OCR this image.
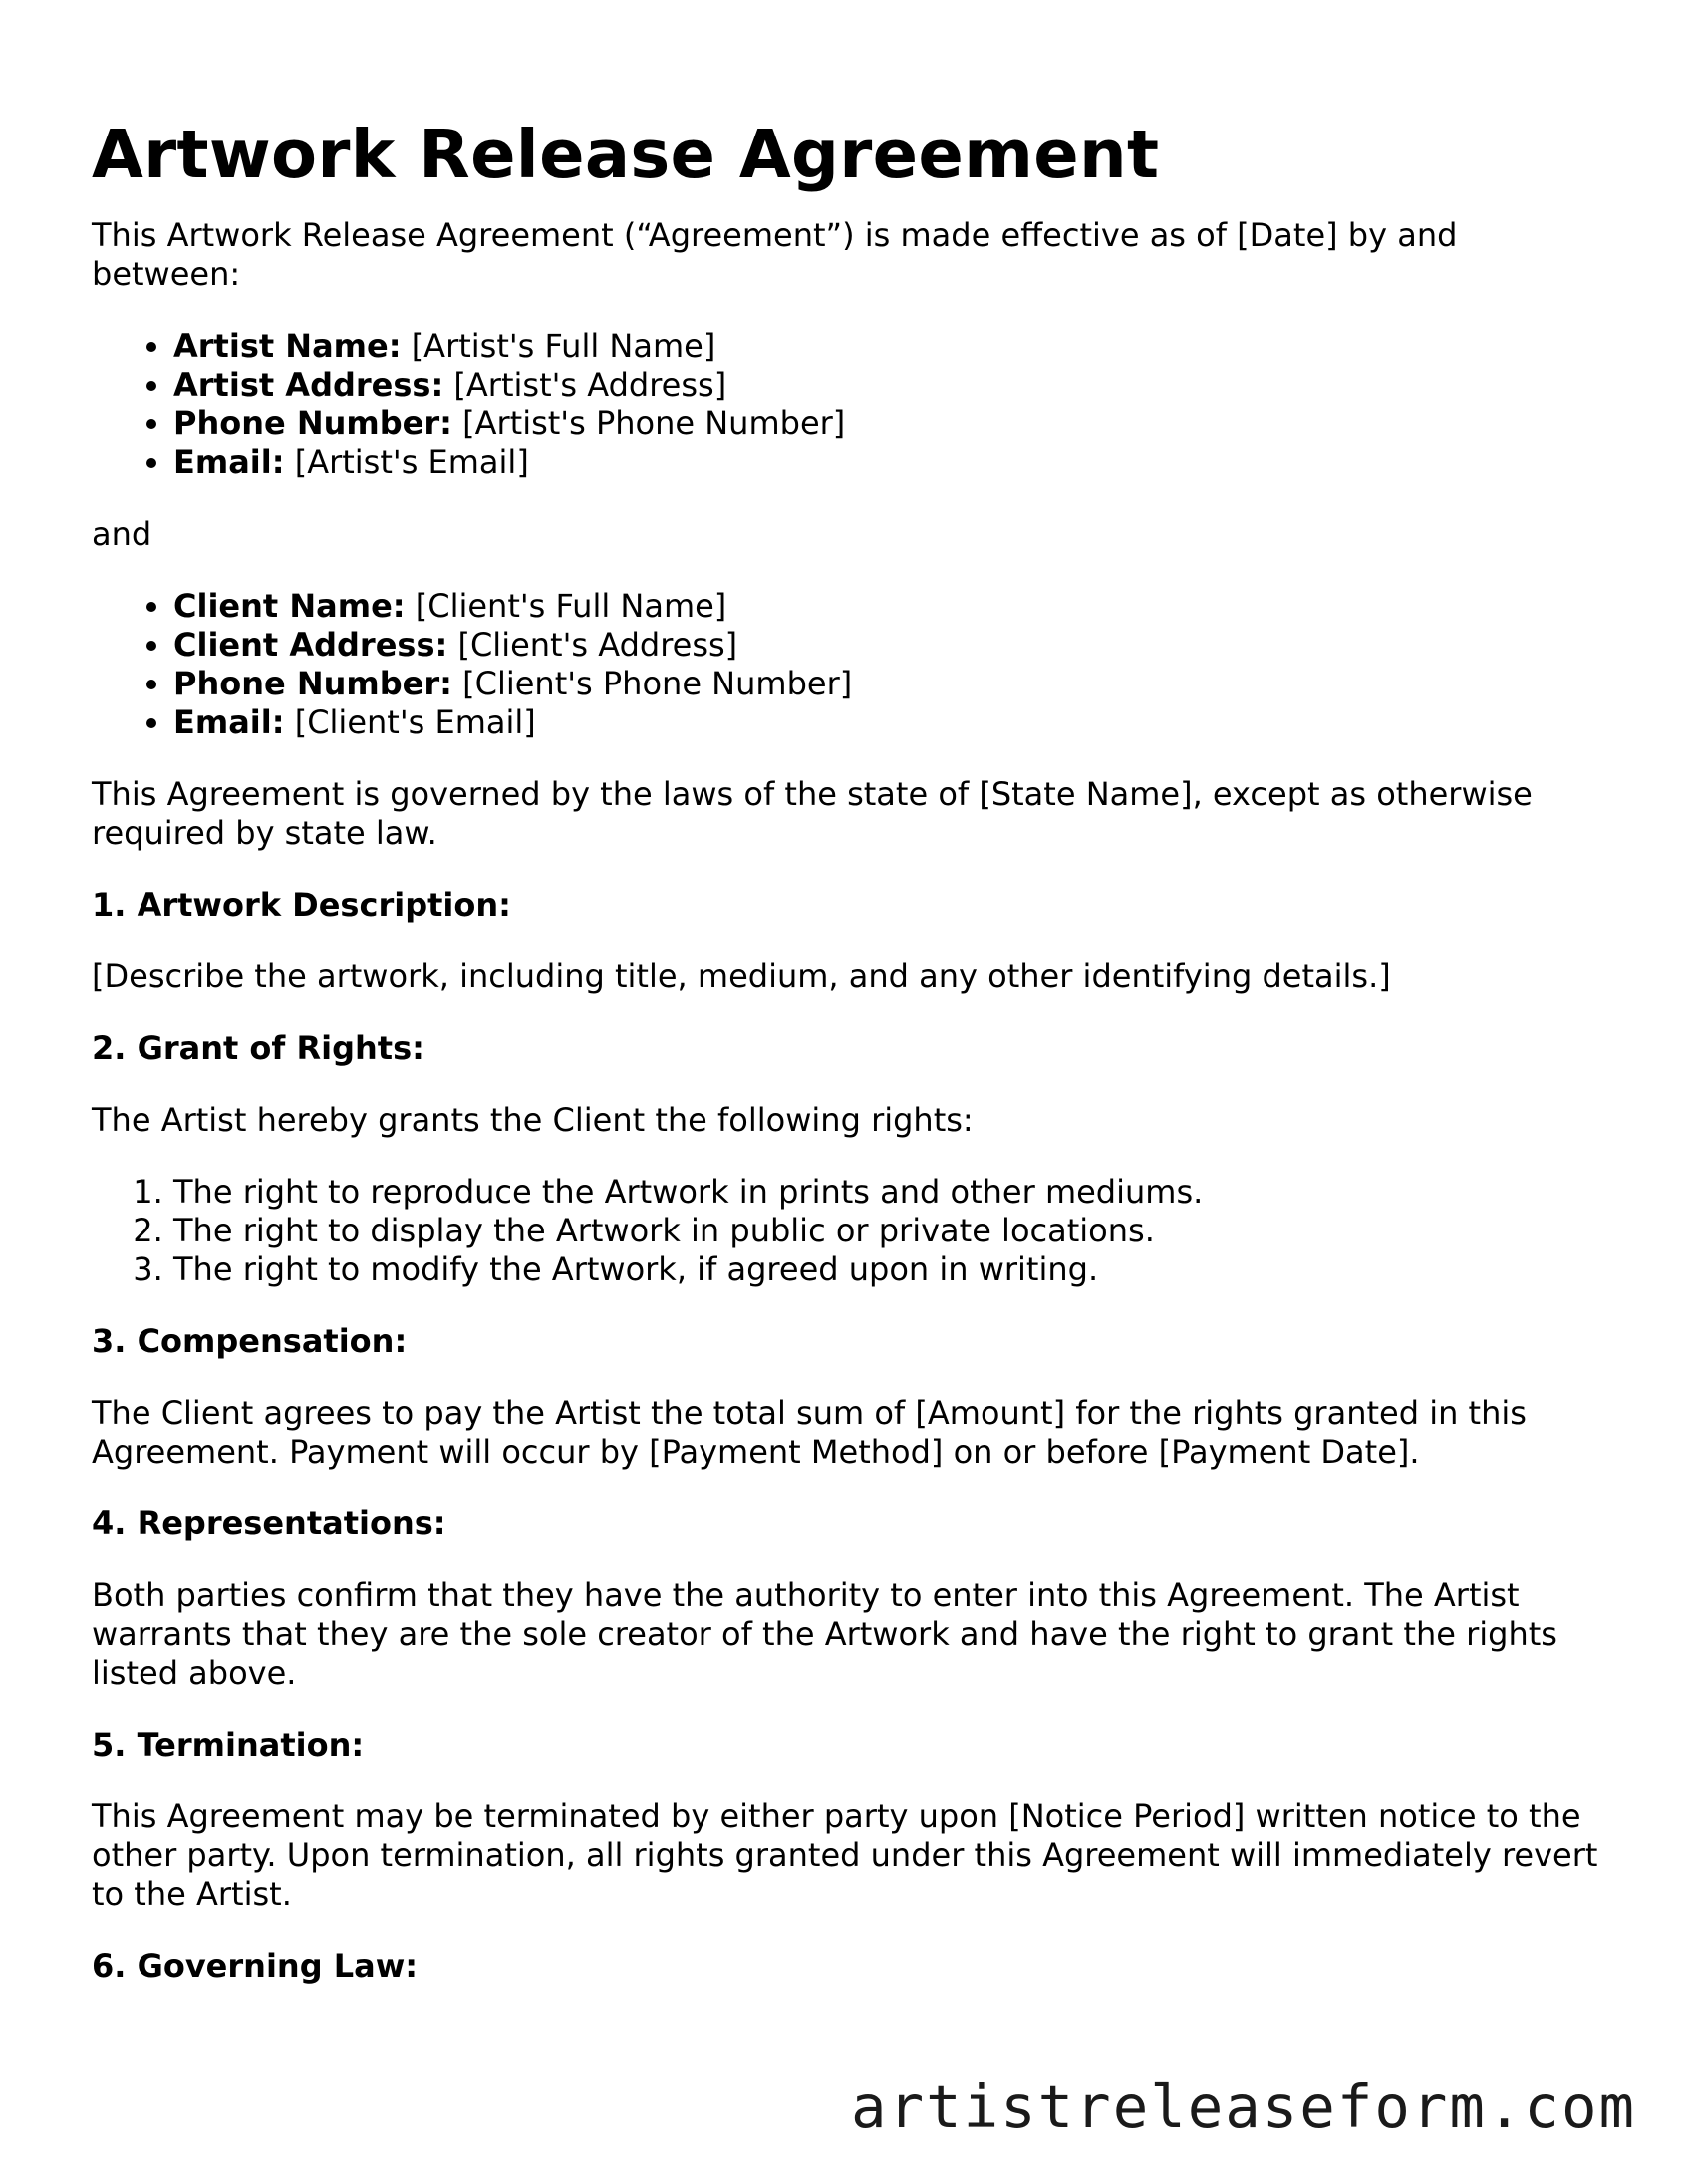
Artwork Release Agreement

This Artwork Release Agreement (“Agreement”) is made effective as of [Date] by and between:

• Artist Name: [Artist's Full Name]
• Artist Address: [Artist's Address]
• Phone Number: [Artist's Phone Number]
• Email: [Artist's Email]

and

• Client Name: [Client's Full Name]
• Client Address: [Client's Address]
• Phone Number: [Client's Phone Number]
• Email: [Client's Email]

This Agreement is governed by the laws of the state of [State Name], except as otherwise required by state law.

1. Artwork Description:

[Describe the artwork, including title, medium, and any other identifying details.]

2. Grant of Rights:

The Artist hereby grants the Client the following rights:

1. The right to reproduce the Artwork in prints and other mediums.
2. The right to display the Artwork in public or private locations.
3. The right to modify the Artwork, if agreed upon in writing.

3. Compensation:

The Client agrees to pay the Artist the total sum of [Amount] for the rights granted in this Agreement. Payment will occur by [Payment Method] on or before [Payment Date].

4. Representations:

Both parties confirm that they have the authority to enter into this Agreement. The Artist warrants that they are the sole creator of the Artwork and have the right to grant the rights listed above.

5. Termination:

This Agreement may be terminated by either party upon [Notice Period] written notice to the other party. Upon termination, all rights granted under this Agreement will immediately revert to the Artist.

6. Governing Law:

artistreleaseform.com
